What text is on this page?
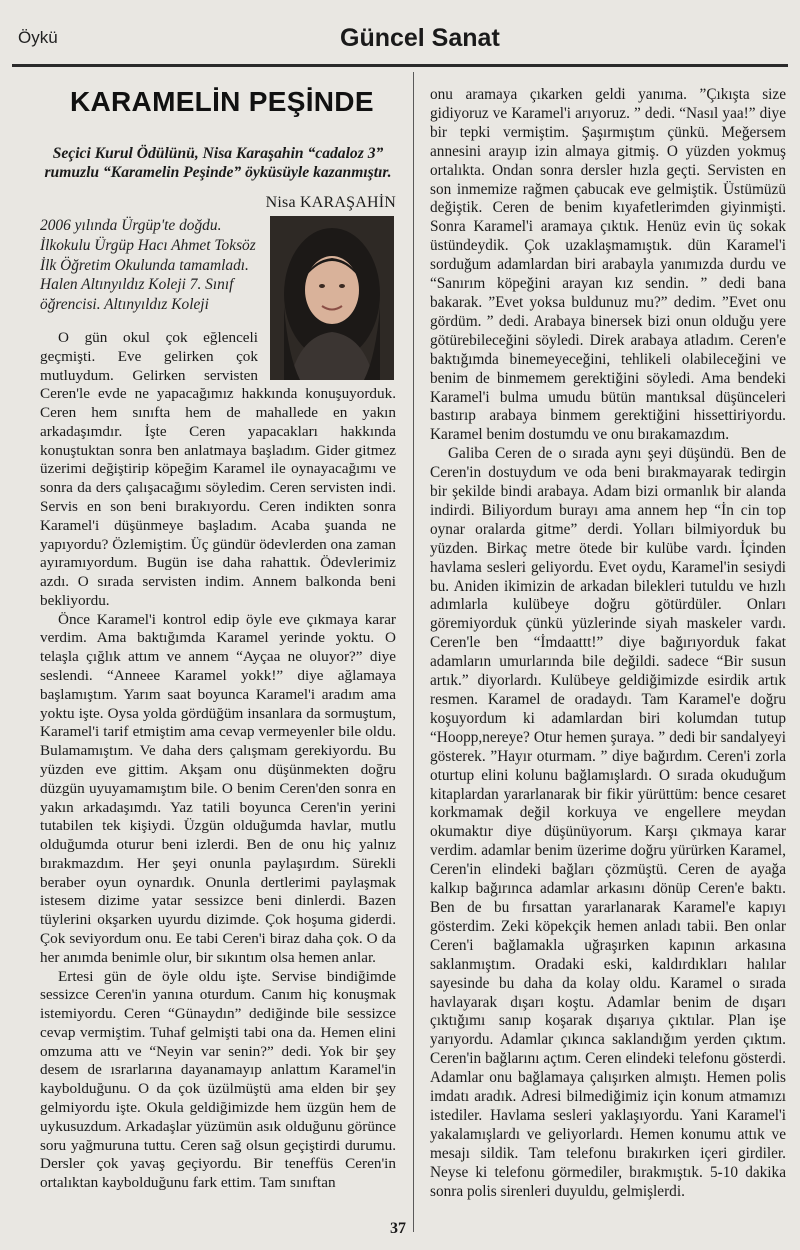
Öykü	Güncel Sanat
KARAMELİN PEŞİNDE

Seçici Kurul Ödülünü, Nisa Karaşahin “cadaloz 3” rumuzlu “Karamelin Peşinde” öyküsüyle kazanmıştır.

Nisa KARAŞAHİN

2006 yılında Ürgüp'te doğdu. İlkokulu Ürgüp Hacı Ahmet Toksöz İlk Öğretim Okulunda tamamladı. Halen Altınyıldız Koleji 7. Sınıf öğrencisi. Altınyıldız Koleji

O gün okul çok eğlenceli geçmişti. Eve gelirken çok mutluydum. Gelirken servisten Ceren'le evde ne yapacağımız hakkında konuşuyorduk. Ceren hem sınıfta hem de mahallede en yakın arkadaşımdır. İşte Ceren yapacakları hakkında konuştuktan sonra ben anlatmaya başladım. Gider gitmez üzerimi değiştirip köpeğim Karamel ile oynayacağımı ve sonra da ders çalışacağımı söyledim. Ceren servisten indi. Servis en son beni bırakıyordu. Ceren indikten sonra Karamel'i düşünmeye başladım. Acaba şuanda ne yapıyordu? Özlemiştim. Üç gündür ödevlerden ona zaman ayıramıyordum. Bugün ise daha rahattık. Ödevlerimiz azdı. O sırada servisten indim. Annem balkonda beni bekliyordu.

Önce Karamel'i kontrol edip öyle eve çıkmaya karar verdim. Ama baktığımda Karamel yerinde yoktu. O telaşla çığlık attım ve annem “Ayçaa ne oluyor?” diye seslendi. “Anneee Karamel yokk!” diye ağlamaya başlamıştım. Yarım saat boyunca Karamel'i aradım ama yoktu işte. Oysa yolda gördüğüm insanlara da sormuştum, Karamel'i tarif etmiştim ama cevap vermeyenler bile oldu. Bulamamıştım. Ve daha ders çalışmam gerekiyordu. Bu yüzden eve gittim. Akşam onu düşünmekten doğru düzgün uyuyamamıştım bile. O benim Ceren'den sonra en yakın arkadaşımdı. Yaz tatili boyunca Ceren'in yerini tutabilen tek kişiydi. Üzgün olduğumda havlar, mutlu olduğumda oturur beni izlerdi. Ben de onu hiç yalnız bırakmazdım. Her şeyi onunla paylaşırdım. Sürekli beraber oyun oynardık. Onunla dertlerimi paylaşmak istesem dizime yatar sessizce beni dinlerdi. Bazen tüylerini okşarken uyurdu dizimde. Çok hoşuma giderdi. Çok seviyordum onu. Ee tabi Ceren'i biraz daha çok. O da her anımda benimle olur, bir sıkıntım olsa hemen anlar.

Ertesi gün de öyle oldu işte. Servise bindiğimde sessizce Ceren'in yanına oturdum. Canım hiç konuşmak istemiyordu. Ceren “Günaydın” dediğinde bile sessizce cevap vermiştim. Tuhaf gelmişti tabi ona da. Hemen elini omzuma attı ve “Neyin var senin?” dedi. Yok bir şey desem de ısrarlarına dayanamayıp anlattım Karamel'in kaybolduğunu. O da çok üzülmüştü ama elden bir şey gelmiyordu işte. Okula geldiğimizde hem üzgün hem de uykusuzdum. Arkadaşlar yüzümün asık olduğunu görünce soru yağmuruna tuttu. Ceren sağ olsun geçiştirdi durumu. Dersler çok yavaş geçiyordu. Bir teneffüs Ceren'in ortalıktan kaybolduğunu fark ettim. Tam sınıftan

onu aramaya çıkarken geldi yanıma. ”Çıkışta size gidiyoruz ve Karamel'i arıyoruz. ” dedi. “Nasıl yaa!” diye bir tepki vermiştim. Şaşırmıştım çünkü. Meğersem annesini arayıp izin almaya gitmiş. O yüzden yokmuş ortalıkta. Ondan sonra dersler hızla geçti. Servisten en son inmemize rağmen çabucak eve gelmiştik. Üstümüzü değiştik. Ceren de benim kıyafetlerimden giyinmişti. Sonra Karamel'i aramaya çıktık. Henüz evin üç sokak üstündeydik. Çok uzaklaşmamıştık. dün Karamel'i sorduğum adamlardan biri arabayla yanımızda durdu ve “Sanırım köpeğini arayan kız sendin. ” dedi bana bakarak. ”Evet yoksa buldunuz mu?” dedim. ”Evet onu gördüm. ” dedi. Arabaya binersek bizi onun olduğu yere götürebileceğini söyledi. Direk arabaya atladım. Ceren'e baktığımda binemeyeceğini, tehlikeli olabileceğini ve benim de binmemem gerektiğini söyledi. Ama bendeki Karamel'i bulma umudu bütün mantıksal düşünceleri bastırıp arabaya binmem gerektiğini hissettiriyordu. Karamel benim dostumdu ve onu bırakamazdım.

Galiba Ceren de o sırada aynı şeyi düşündü. Ben de Ceren'in dostuydum ve oda beni bırakmayarak tedirgin bir şekilde bindi arabaya. Adam bizi ormanlık bir alanda indirdi. Biliyordum burayı ama annem hep “İn cin top oynar oralarda gitme” derdi. Yolları bilmiyorduk bu yüzden. Birkaç metre ötede bir kulübe vardı. İçinden havlama sesleri geliyordu. Evet oydu, Karamel'in sesiydi bu. Aniden ikimizin de arkadan bilekleri tutuldu ve hızlı adımlarla kulübeye doğru götürdüler. Onları göremiyorduk çünkü yüzlerinde siyah maskeler vardı. Ceren'le ben “İmdaattt!” diye bağırıyorduk fakat adamların umurlarında bile değildi. sadece “Bir susun artık.” diyorlardı. Kulübeye geldiğimizde esirdik artık resmen. Karamel de oradaydı. Tam Karamel'e doğru koşuyordum ki adamlardan biri kolumdan tutup “Hoopp,nereye? Otur hemen şuraya. ” dedi bir sandalyeyi gösterek. ”Hayır oturmam. ” diye bağırdım. Ceren'i zorla oturtup elini kolunu bağlamışlardı. O sırada okuduğum kitaplardan yararlanarak bir fikir yürüttüm: bence cesaret korkmamak değil korkuya ve engellere meydan okumaktır diye düşünüyorum. Karşı çıkmaya karar verdim. adamlar benim üzerime doğru yürürken Karamel, Ceren'in elindeki bağları çözmüştü. Ceren de ayağa kalkıp bağırınca adamlar arkasını dönüp Ceren'e baktı. Ben de bu fırsattan yararlanarak Karamel'e kapıyı gösterdim. Zeki köpekçik hemen anladı tabii. Ben onlar Ceren'i bağlamakla uğraşırken kapının arkasına saklanmıştım. Oradaki eski, kaldırdıkları halılar sayesinde bu daha da kolay oldu. Karamel o sırada havlayarak dışarı koştu. Adamlar benim de dışarı çıktığımı sanıp koşarak dışarıya çıktılar. Plan işe yarıyordu. Adamlar çıkınca saklandığım yerden çıktım. Ceren'in bağlarını açtım. Ceren elindeki telefonu gösterdi. Adamlar onu bağlamaya çalışırken almıştı. Hemen polis imdatı aradık. Adresi bilmediğimiz için konum atmamızı istediler. Havlama sesleri yaklaşıyordu. Yani Karamel'i yakalamışlardı ve geliyorlardı. Hemen konumu attık ve mesajı sildik. Tam telefonu bırakırken içeri girdiler. Neyse ki telefonu görmediler, bırakmıştık. 5-10 dakika sonra polis sirenleri duyuldu, gelmişlerdi.

37
